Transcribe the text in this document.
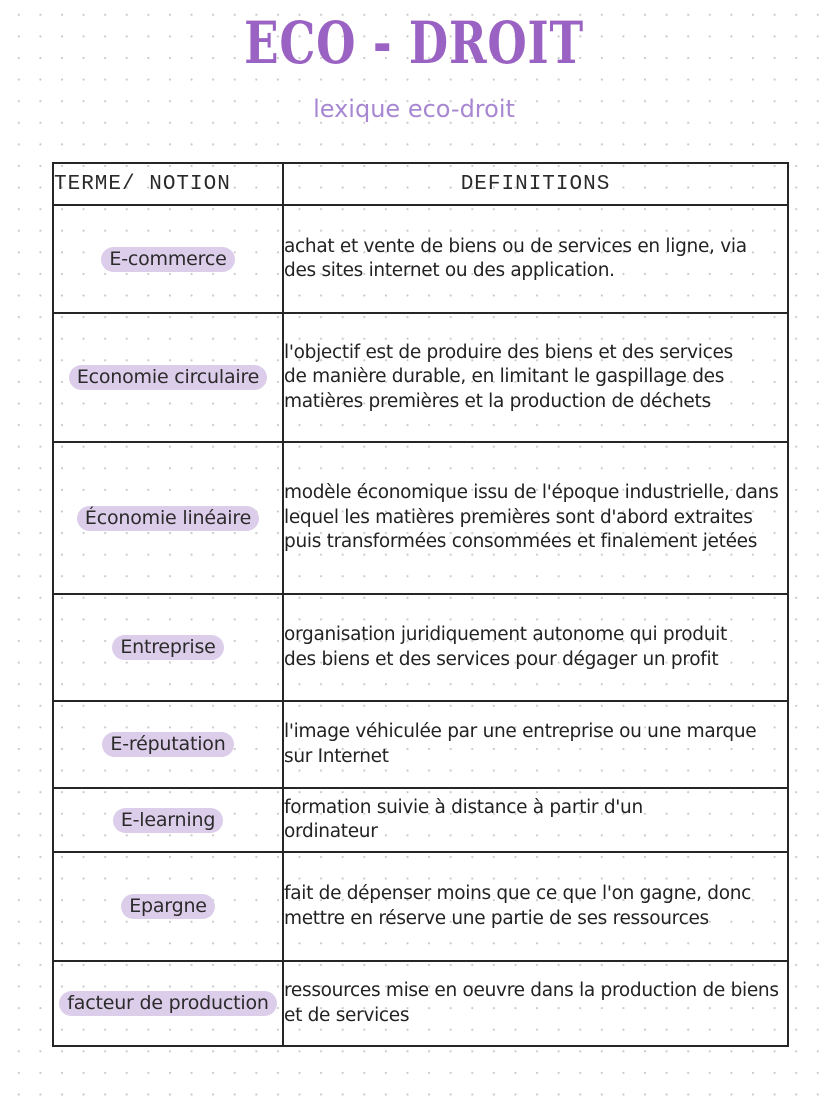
ECO - DROIT
lexique eco-droit
TERME/ NOTION	DEFINITIONS
E-commerce	achat et vente de biens ou de services en ligne, via des sites internet ou des application.

Economie circulaire	l'objectif est de produire des biens et des services de manière durable, en limitant le gaspillage des matières premières et la production de déchets

Économie linéaire	modèle économique issu de l'époque industrielle, dans lequel les matières premières sont d'abord extraites puis transformées consommées et finalement jetées

Entreprise	organisation juridiquement autonome qui produit des biens et des services pour dégager un profit

E-réputation	l'image véhiculée par une entreprise ou une marque sur Internet

E-learning	formation suivie à distance à partir d'un ordinateur

Epargne	fait de dépenser moins que ce que l'on gagne, donc mettre en réserve une partie de ses ressources

facteur de production	ressources mise en oeuvre dans la production de biens et de services
